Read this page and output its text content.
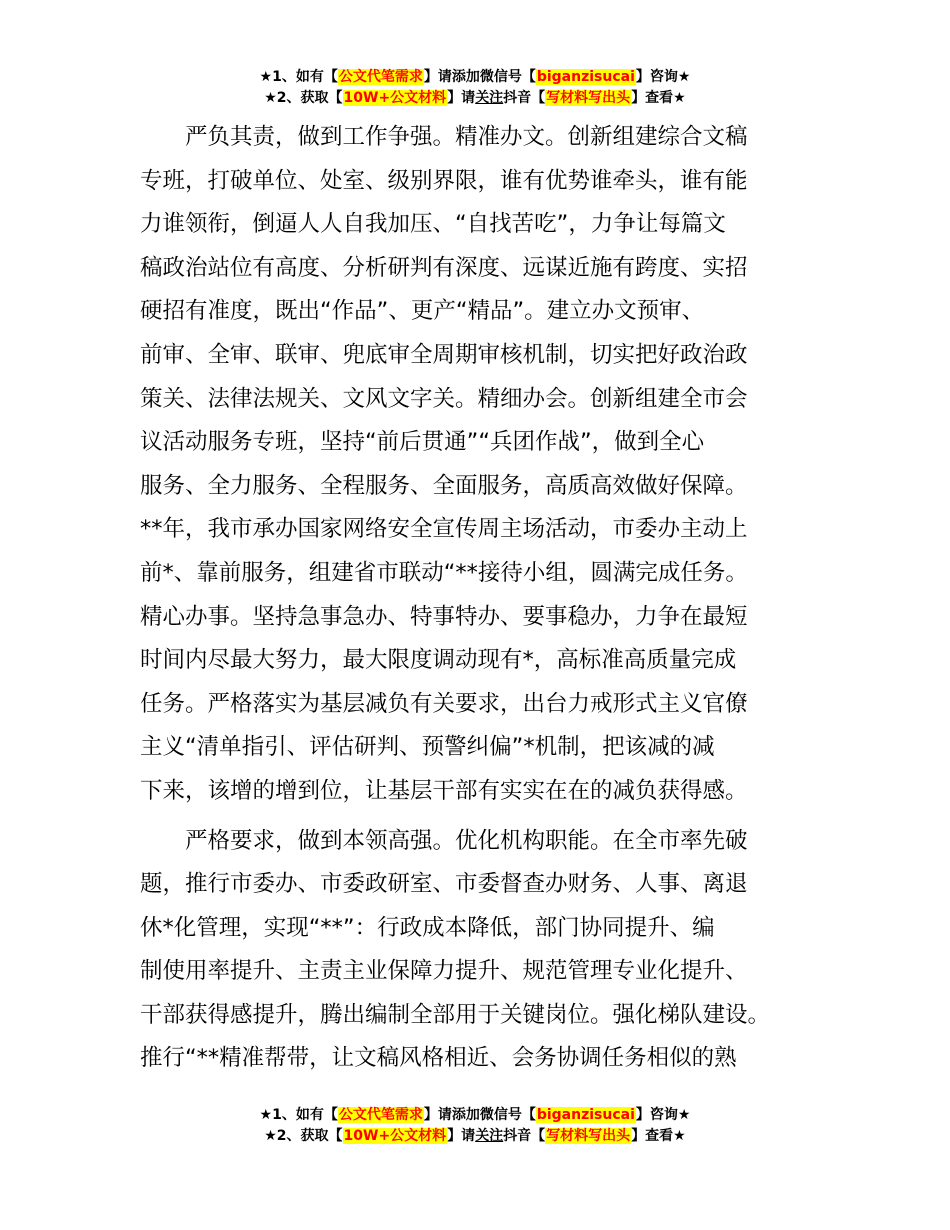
★1、如有【公文代笔需求】请添加微信号【biganzisucai】咨询★
★2、获取【10W+公文材料】请关注抖音【写材料写出头】查看★
严负其责，做到工作争强。精准办文。创新组建综合文稿
专班，打破单位、处室、级别界限，谁有优势谁牵头，谁有能
力谁领衔，倒逼人人自我加压、“自找苦吃”，力争让每篇文
稿政治站位有高度、分析研判有深度、远谋近施有跨度、实招
硬招有准度，既出“作品”、更产“精品”。建立办文预审、
前审、全审、联审、兜底审全周期审核机制，切实把好政治政
策关、法律法规关、文风文字关。精细办会。创新组建全市会
议活动服务专班，坚持“前后贯通”“兵团作战”，做到全心
服务、全力服务、全程服务、全面服务，高质高效做好保障。
**年，我市承办国家网络安全宣传周主场活动，市委办主动上
前*、靠前服务，组建省市联动“**接待小组，圆满完成任务。
精心办事。坚持急事急办、特事特办、要事稳办，力争在最短
时间内尽最大努力，最大限度调动现有*，高标准高质量完成
任务。严格落实为基层减负有关要求，出台力戒形式主义官僚
主义“清单指引、评估研判、预警纠偏”*机制，把该减的减
下来，该增的增到位，让基层干部有实实在在的减负获得感。
严格要求，做到本领高强。优化机构职能。在全市率先破
题，推行市委办、市委政研室、市委督查办财务、人事、离退
休*化管理，实现“**”：行政成本降低，部门协同提升、编
制使用率提升、主责主业保障力提升、规范管理专业化提升、
干部获得感提升，腾出编制全部用于关键岗位。强化梯队建设。
推行“**精准帮带，让文稿风格相近、会务协调任务相似的熟
★1、如有【公文代笔需求】请添加微信号【biganzisucai】咨询★
★2、获取【10W+公文材料】请关注抖音【写材料写出头】查看★
